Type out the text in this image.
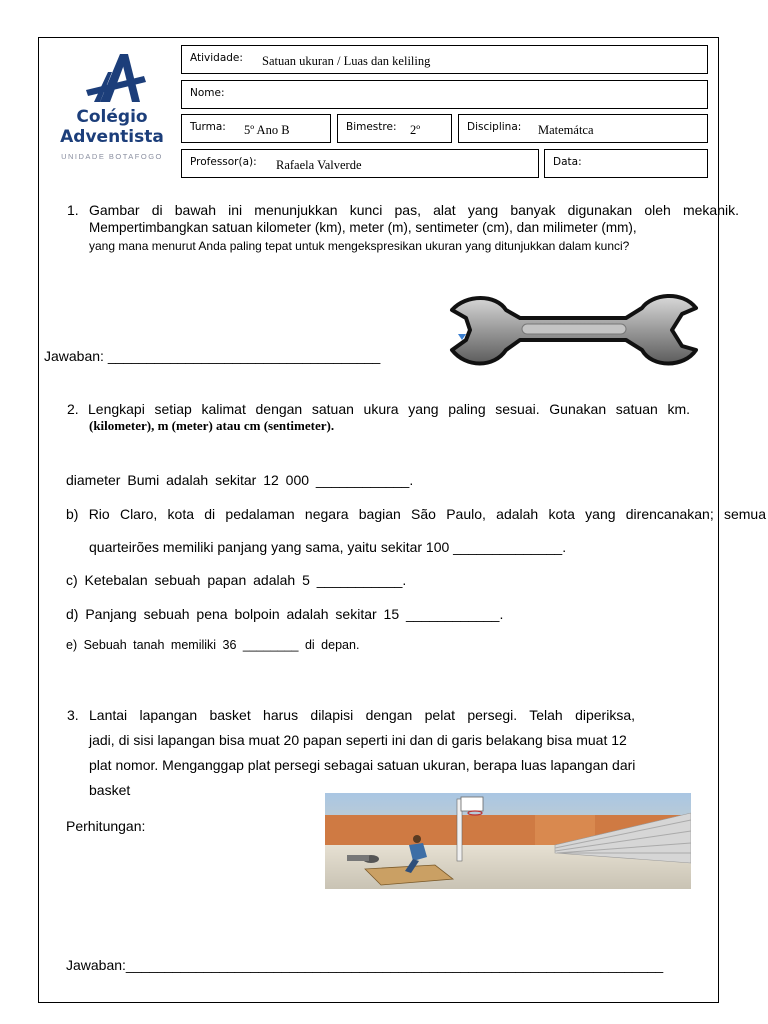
Colégio
Adventista
UNIDADE BOTAFOGO
Atividade: Satuan ukuran / Luas dan keliling
Nome:
Turma: 5º Ano B	Bimestre: 2º	Disciplina: Matemátca
Professor(a): Rafaela Valverde	Data:
1. Gambar di bawah ini menunjukkan kunci pas, alat yang banyak digunakan oleh mekanik.
Mempertimbangkan satuan kilometer (km), meter (m), sentimeter (cm), dan milimeter (mm),
yang mana menurut Anda paling tepat untuk mengekspresikan ukuran yang ditunjukkan dalam kunci?
Jawaban: ___________________________________
2. Lengkapi setiap kalimat dengan satuan ukura yang paling sesuai. Gunakan satuan km.
(kilometer), m (meter) atau cm (sentimeter).
diameter Bumi adalah sekitar 12 000 ____________.
b) Rio Claro, kota di pedalaman negara bagian São Paulo, adalah kota yang direncanakan; semua
quarteirões memiliki panjang yang sama, yaitu sekitar 100 ______________.
c) Ketebalan sebuah papan adalah 5 ___________.
d) Panjang sebuah pena bolpoin adalah sekitar 15 ____________.
e) Sebuah tanah memiliki 36 ________ di depan.
3. Lantai lapangan basket harus dilapisi dengan pelat persegi. Telah diperiksa,
jadi, di sisi lapangan bisa muat 20 papan seperti ini dan di garis belakang bisa muat 12
plat nomor. Menganggap plat persegi sebagai satuan ukuran, berapa luas lapangan dari
basket
Perhitungan:
Jawaban:_____________________________________________________________________
